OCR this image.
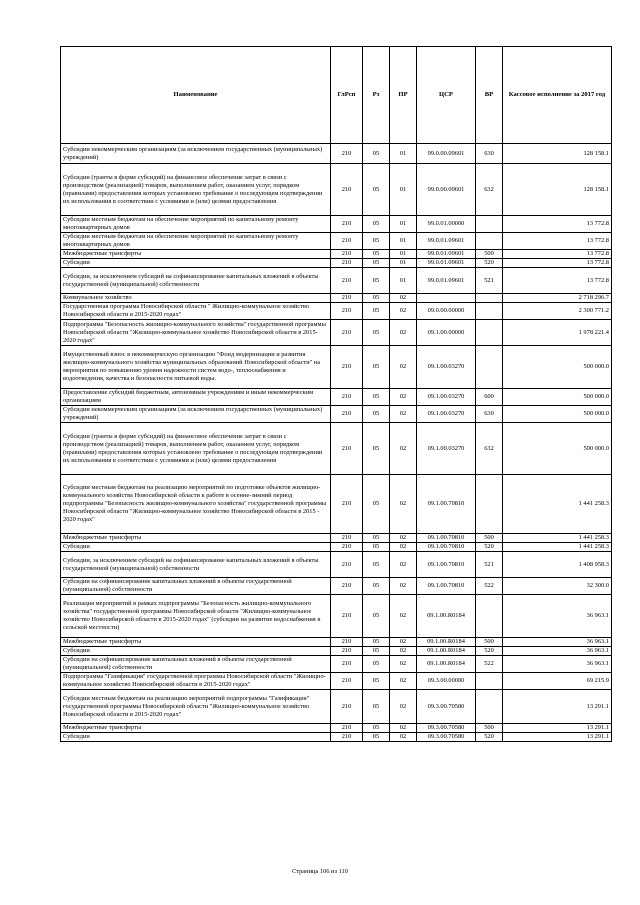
Наименование	ГлРсп	Рз	ПР	ЦСР	ВР	Кассовое исполнение за 2017 год
Субсидии некоммерческим организациям (за исключением государственных (муниципальных) учреждений)	210	05	01	99.0.00.09601	630	128 158.1
Субсидии (гранты в форме субсидий) на финансовое обеспечение затрат в связи с производством (реализацией) товаров, выполнением работ, оказанием услуг, порядком (правилами) предоставления которых установлено требование о последующем подтверждении их использования в соответствии с условиями и (или) целями предоставления	210	05	01	99.0.00.09601	632	128 158.1
Субсидии местным бюджетам на обеспечение мероприятий по капитальному ремонту многоквартирных домов	210	05	01	99.0.01.00000		13 772.8
Субсидии местным бюджетам на обеспечение мероприятий по капитальному ремонту многоквартирных домов	210	05	01	99.0.01.09601		13 772.8
Межбюджетные трансферты	210	05	01	99.0.01.09601	500	13 772.8
Субсидии	210	05	01	99.0.01.09601	520	13 772.8
Субсидии, за исключением субсидий на софинансирование капитальных вложений в объекты государственной (муниципальной) собственности	210	05	01	99.0.01.09601	521	13 772.8
Коммунальное хозяйство	210	05	02			2 718 296.7
Государственная программа Новосибирской области " Жилищно-коммунальное хозяйство Новосибирской области в 2015-2020 годах"	210	05	02	09.0.00.00000		2 300 771.2
Подпрограмма "Безопасность жилищно-коммунального хозяйства" государственной программы Новосибирской области "Жилищно-коммунальное хозяйство Новосибирской области в 2015-2020 годах"	210	05	02	09.1.00.00000		1 978 221.4
Имущественный взнос в некоммерческую организацию "Фонд модернизации и развития жилищно-коммунального хозяйства муниципальных образований Новосибирской области" на мероприятия по повышению уровня надежности систем водо-, теплоснабжения и водоотведения, качества и безопасности питьевой воды.	210	05	02	09.1.00.03270		500 000.0
Предоставление субсидий бюджетным, автономным учреждениям и иным некоммерческим организациям	210	05	02	09.1.00.03270	600	500 000.0
Субсидии некоммерческим организациям (за исключением государственных (муниципальных) учреждений)	210	05	02	09.1.00.03270	630	500 000.0
Субсидии (гранты в форме субсидий) на финансовое обеспечение затрат в связи с производством (реализацией) товаров, выполнением работ, оказанием услуг, порядком (правилами) предоставления которых установлено требование о последующем подтверждении их использования в соответствии с условиями и (или) целями предоставления	210	05	02	09.1.00.03270	632	500 000.0
Субсидии местным бюджетам на реализацию мероприятий по подготовке объектов жилищно-коммунального хозяйства Новосибирской области к работе в осенне-зимний период подпрограммы "Безопасность жилищно-коммунального хозяйства" государственной программы Новосибирской области "Жилищно-коммунальное хозяйство Новосибирской области в 2015 - 2020 годах"	210	05	02	09.1.00.70810		1 441 258.3
Межбюджетные трансферты	210	05	02	09.1.00.70810	500	1 441 258.3
Субсидии	210	05	02	09.1.00.70810	520	1 441 258.3
Субсидии, за исключением субсидий на софинансирование капитальных вложений в объекты государственной (муниципальной) собственности	210	05	02	09.1.00.70810	521	1 408 958.3
Субсидии на софинансирование капитальных вложений в объекты государственной (муниципальной) собственности	210	05	02	09.1.00.70810	522	32 300.0
Реализация мероприятий в рамках подпрограммы "Безопасность жилищно-коммунального хозяйства" государственной программы Новосибирской области "Жилищно-коммунальное хозяйство Новосибирской области в 2015-2020 годах" (субсидии на развитие водоснабжения в сельской местности)	210	05	02	09.1.00.R0184		36 963.1
Межбюджетные трансферты	210	05	02	09.1.00.R0184	500	36 963.1
Субсидии	210	05	02	09.1.00.R0184	520	36 963.1
Субсидии на софинансирование капитальных вложений в объекты государственной (муниципальной) собственности	210	05	02	09.1.00.R0184	522	36 963.1
Подпрограмма "Газификация" государственной программы Новосибирской области "Жилищно-коммунальное хозяйство Новосибирской области в 2015-2020 годах"	210	05	02	09.3.00.00000		69 215.9
Субсидии местным бюджетам на реализацию мероприятий подпрограммы "Газификация" государственной программы Новосибирской области "Жилищно-коммунальное хозяйство Новосибирской области в 2015-2020 годах"	210	05	02	09.3.00.70580		13 291.1
Межбюджетные трансферты	210	05	02	09.3.00.70580	500	13 291.1
Субсидии	210	05	02	09.3.00.70580	520	13 291.1
Страница 106 из 110
